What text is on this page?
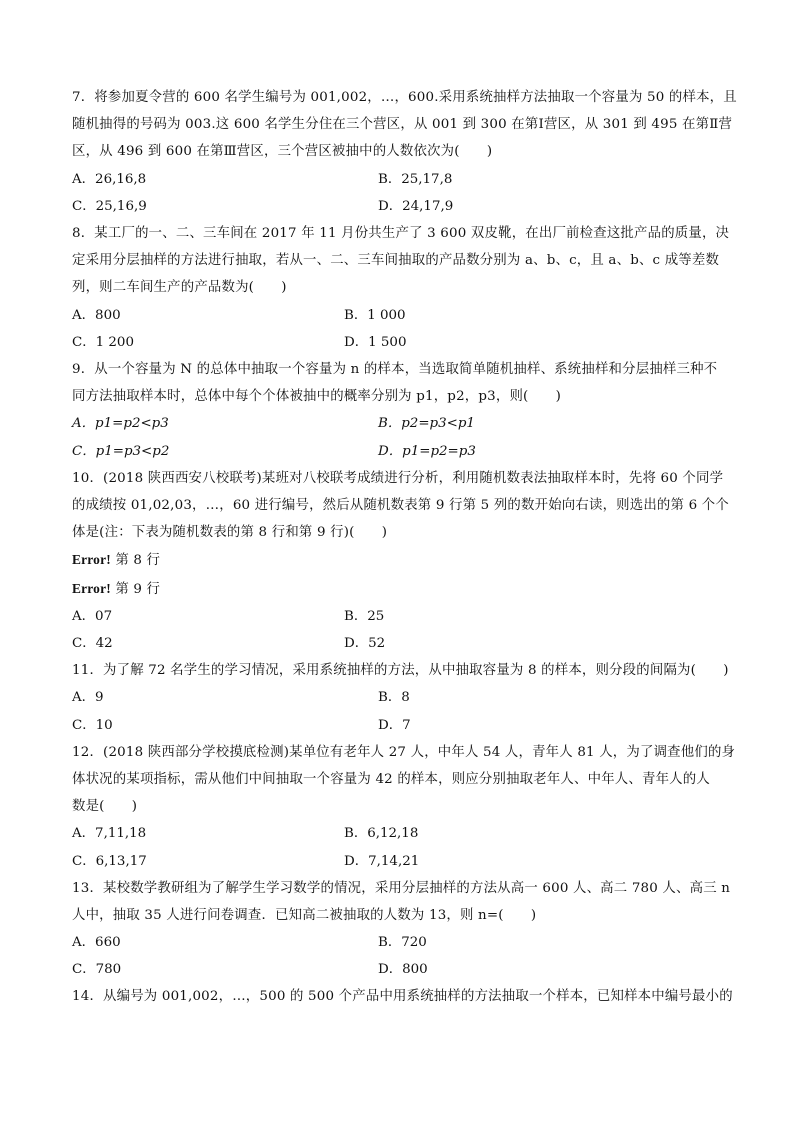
7．将参加夏令营的 600 名学生编号为 001,002，…，600.采用系统抽样方法抽取一个容量为 50 的样本，且
随机抽得的号码为 003.这 600 名学生分住在三个营区，从 001 到 300 在第Ⅰ营区，从 301 到 495 在第Ⅱ营
区，从 496 到 600 在第Ⅲ营区，三个营区被抽中的人数依次为(　　)
A．26,16,8	B．25,17,8
C．25,16,9	D．24,17,9
8．某工厂的一、二、三车间在 2017 年 11 月份共生产了 3 600 双皮靴，在出厂前检查这批产品的质量，决
定采用分层抽样的方法进行抽取，若从一、二、三车间抽取的产品数分别为 a、b、c，且 a、b、c 成等差数
列，则二车间生产的产品数为(　　)
A．800	B．1 000
C．1 200	D．1 500
9．从一个容量为 N 的总体中抽取一个容量为 n 的样本，当选取简单随机抽样、系统抽样和分层抽样三种不
同方法抽取样本时，总体中每个个体被抽中的概率分别为 p1，p2，p3，则(　　)
A．p1=p2<p3	B．p2=p3<p1
C．p1=p3<p2	D．p1=p2=p3
10．(2018 陕西西安八校联考)某班对八校联考成绩进行分析，利用随机数表法抽取样本时，先将 60 个同学
的成绩按 01,02,03，…，60 进行编号，然后从随机数表第 9 行第 5 列的数开始向右读，则选出的第 6 个个
体是(注：下表为随机数表的第 8 行和第 9 行)(　　)
Error! 第 8 行
Error! 第 9 行
A．07	B．25
C．42	D．52
11．为了解 72 名学生的学习情况，采用系统抽样的方法，从中抽取容量为 8 的样本，则分段的间隔为(　　)
A．9	B．8
C．10	D．7
12．(2018 陕西部分学校摸底检测)某单位有老年人 27 人，中年人 54 人，青年人 81 人，为了调查他们的身
体状况的某项指标，需从他们中间抽取一个容量为 42 的样本，则应分别抽取老年人、中年人、青年人的人
数是(　　)
A．7,11,18	B．6,12,18
C．6,13,17	D．7,14,21
13．某校数学教研组为了解学生学习数学的情况，采用分层抽样的方法从高一 600 人、高二 780 人、高三 n
人中，抽取 35 人进行问卷调查．已知高二被抽取的人数为 13，则 n=(　　)
A．660	B．720
C．780	D．800
14．从编号为 001,002，…，500 的 500 个产品中用系统抽样的方法抽取一个样本，已知样本中编号最小的
